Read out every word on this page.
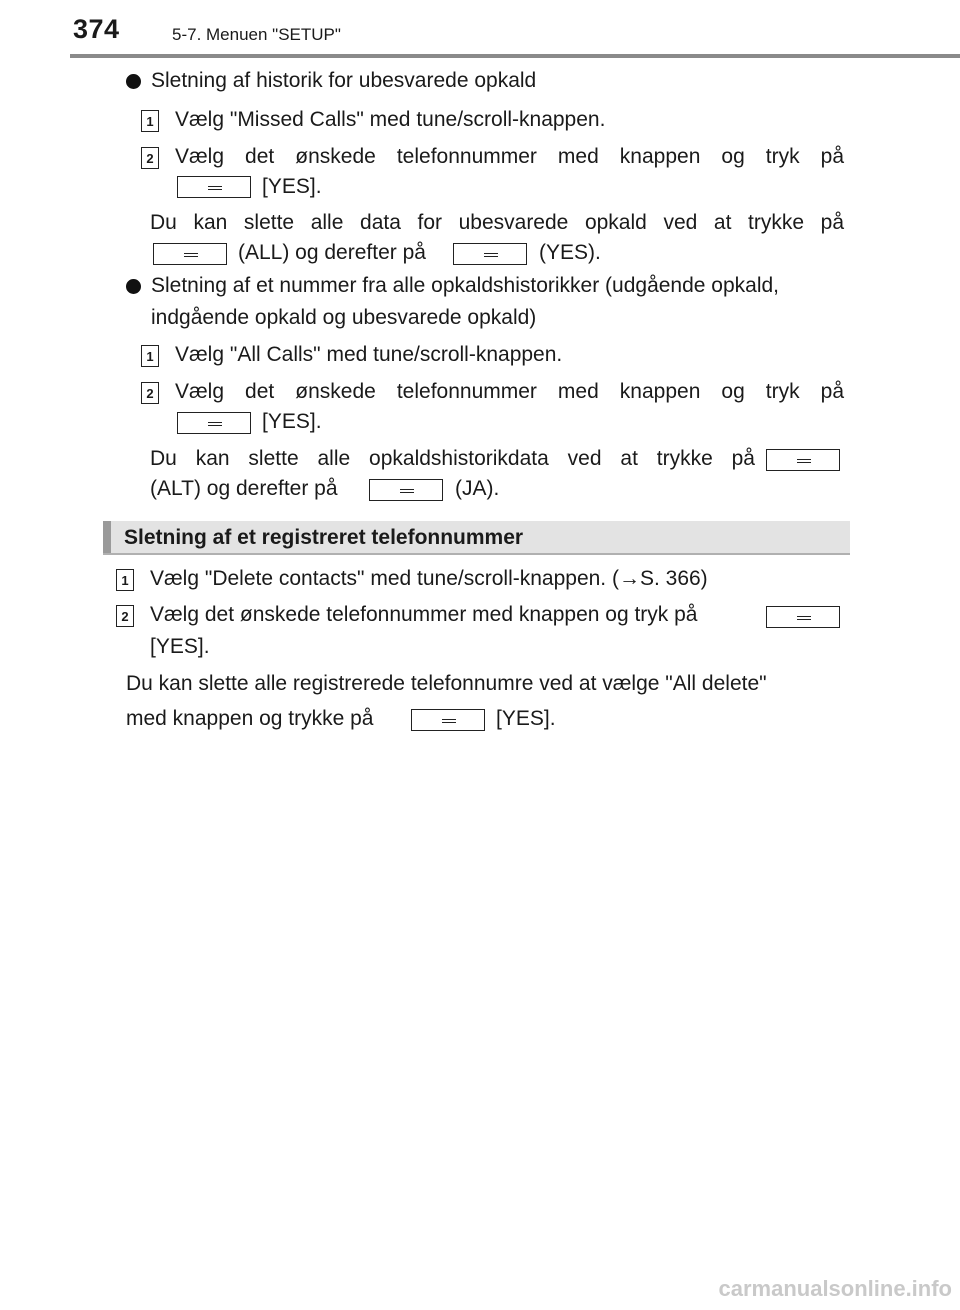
374	5-7. Menuen "SETUP"
Sletning af historik for ubesvarede opkald
1 Vælg "Missed Calls" med tune/scroll-knappen.
2 Vælg det ønskede telefonnummer med knappen og tryk på
[YES].
Du kan slette alle data for ubesvarede opkald ved at trykke på
(ALL) og derefter på	(YES).
Sletning af et nummer fra alle opkaldshistorikker (udgående opkald,
indgående opkald og ubesvarede opkald)
1 Vælg "All Calls" med tune/scroll-knappen.
2 Vælg det ønskede telefonnummer med knappen og tryk på
[YES].
Du kan slette alle opkaldshistorikdata ved at trykke på
(ALT) og derefter på	(JA).
Sletning af et registreret telefonnummer
1 Vælg "Delete contacts" med tune/scroll-knappen. (→S. 366)
2 Vælg det ønskede telefonnummer med knappen og tryk på
[YES].
Du kan slette alle registrerede telefonnumre ved at vælge "All delete"
med knappen og trykke på	[YES].
carmanualsonline.info
